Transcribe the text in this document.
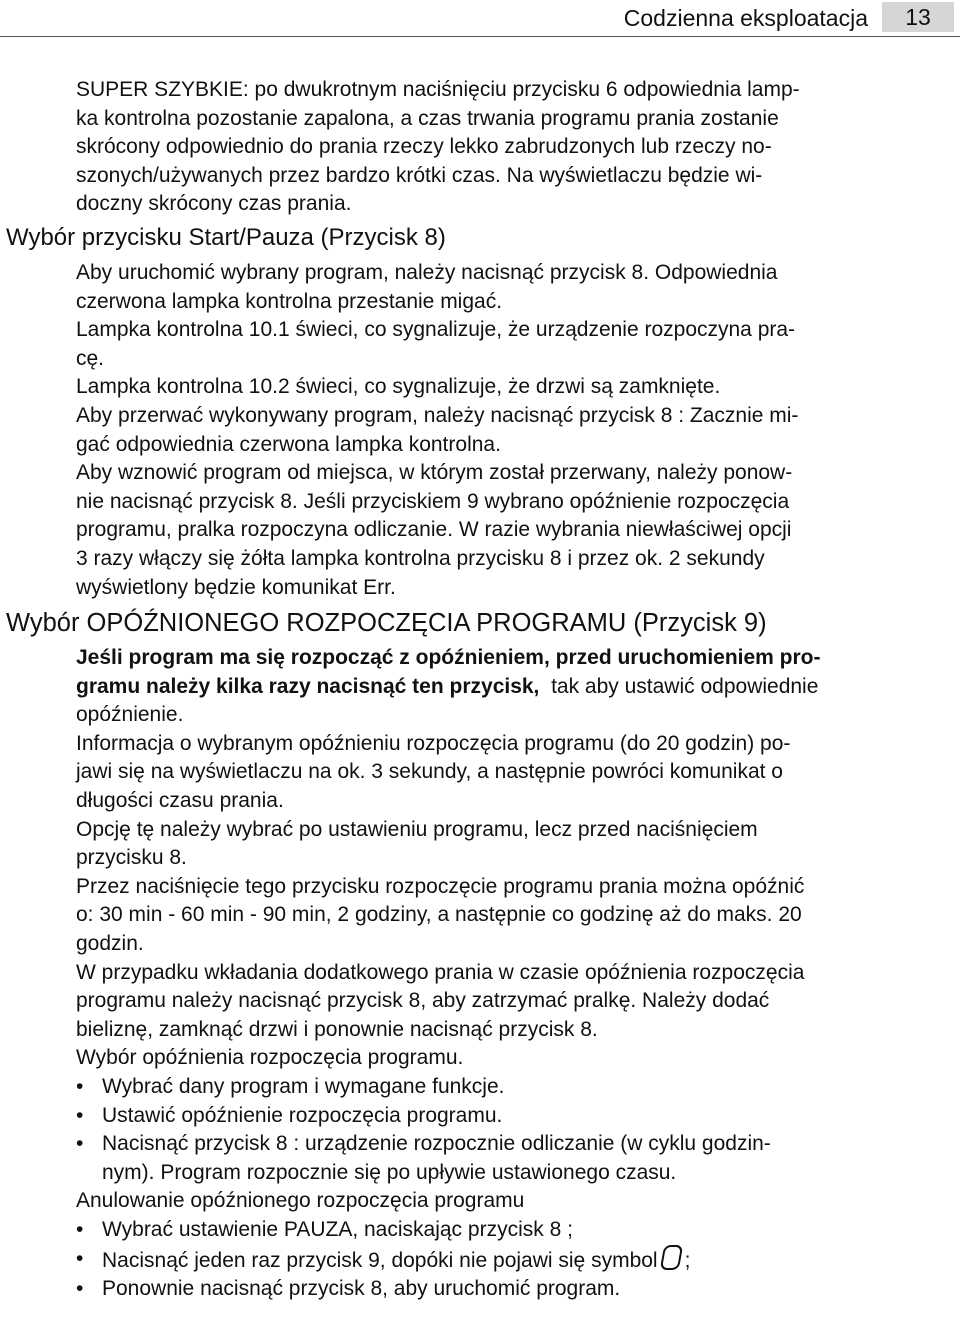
Codzienna eksploatacja	13
SUPER SZYBKIE: po dwukrotnym naciśnięciu przycisku 6 odpowiednia lamp-
ka kontrolna pozostanie zapalona, a czas trwania programu prania zostanie
skrócony odpowiednio do prania rzeczy lekko zabrudzonych lub rzeczy no-
szonych/używanych przez bardzo krótki czas. Na wyświetlaczu będzie wi-
doczny skrócony czas prania.
Wybór przycisku Start/Pauza (Przycisk 8)
Aby uruchomić wybrany program, należy nacisnąć przycisk 8. Odpowiednia
czerwona lampka kontrolna przestanie migać.
Lampka kontrolna 10.1 świeci, co sygnalizuje, że urządzenie rozpoczyna pra-
cę.
Lampka kontrolna 10.2 świeci, co sygnalizuje, że drzwi są zamknięte.
Aby przerwać wykonywany program, należy nacisnąć przycisk 8 : Zacznie mi-
gać odpowiednia czerwona lampka kontrolna.
Aby wznowić program od miejsca, w którym został przerwany, należy ponow-
nie nacisnąć przycisk 8. Jeśli przyciskiem 9 wybrano opóźnienie rozpoczęcia
programu, pralka rozpoczyna odliczanie. W razie wybrania niewłaściwej opcji
3 razy włączy się żółta lampka kontrolna przycisku 8 i przez ok. 2 sekundy
wyświetlony będzie komunikat Err.
Wybór OPÓŹNIONEGO ROZPOCZĘCIA PROGRAMU (Przycisk 9)
Jeśli program ma się rozpocząć z opóźnieniem, przed uruchomieniem pro-
gramu należy kilka razy nacisnąć ten przycisk,  tak aby ustawić odpowiednie
opóźnienie.
Informacja o wybranym opóźnieniu rozpoczęcia programu (do 20 godzin) po-
jawi się na wyświetlaczu na ok. 3 sekundy, a następnie powróci komunikat o
długości czasu prania.
Opcję tę należy wybrać po ustawieniu programu, lecz przed naciśnięciem
przycisku 8.
Przez naciśnięcie tego przycisku rozpoczęcie programu prania można opóźnić
o: 30 min - 60 min - 90 min, 2 godziny, a następnie co godzinę aż do maks. 20
godzin.
W przypadku wkładania dodatkowego prania w czasie opóźnienia rozpoczęcia
programu należy nacisnąć przycisk 8, aby zatrzymać pralkę. Należy dodać
bieliznę, zamknąć drzwi i ponownie nacisnąć przycisk 8.
Wybór opóźnienia rozpoczęcia programu.
• Wybrać dany program i wymagane funkcje.
• Ustawić opóźnienie rozpoczęcia programu.
• Nacisnąć przycisk 8 : urządzenie rozpocznie odliczanie (w cyklu godzin-
nym). Program rozpocznie się po upływie ustawionego czasu.
Anulowanie opóźnionego rozpoczęcia programu
• Wybrać ustawienie PAUZA, naciskając przycisk 8 ;
• Nacisnąć jeden raz przycisk 9, dopóki nie pojawi się symbol ;
• Ponownie nacisnąć przycisk 8, aby uruchomić program.
